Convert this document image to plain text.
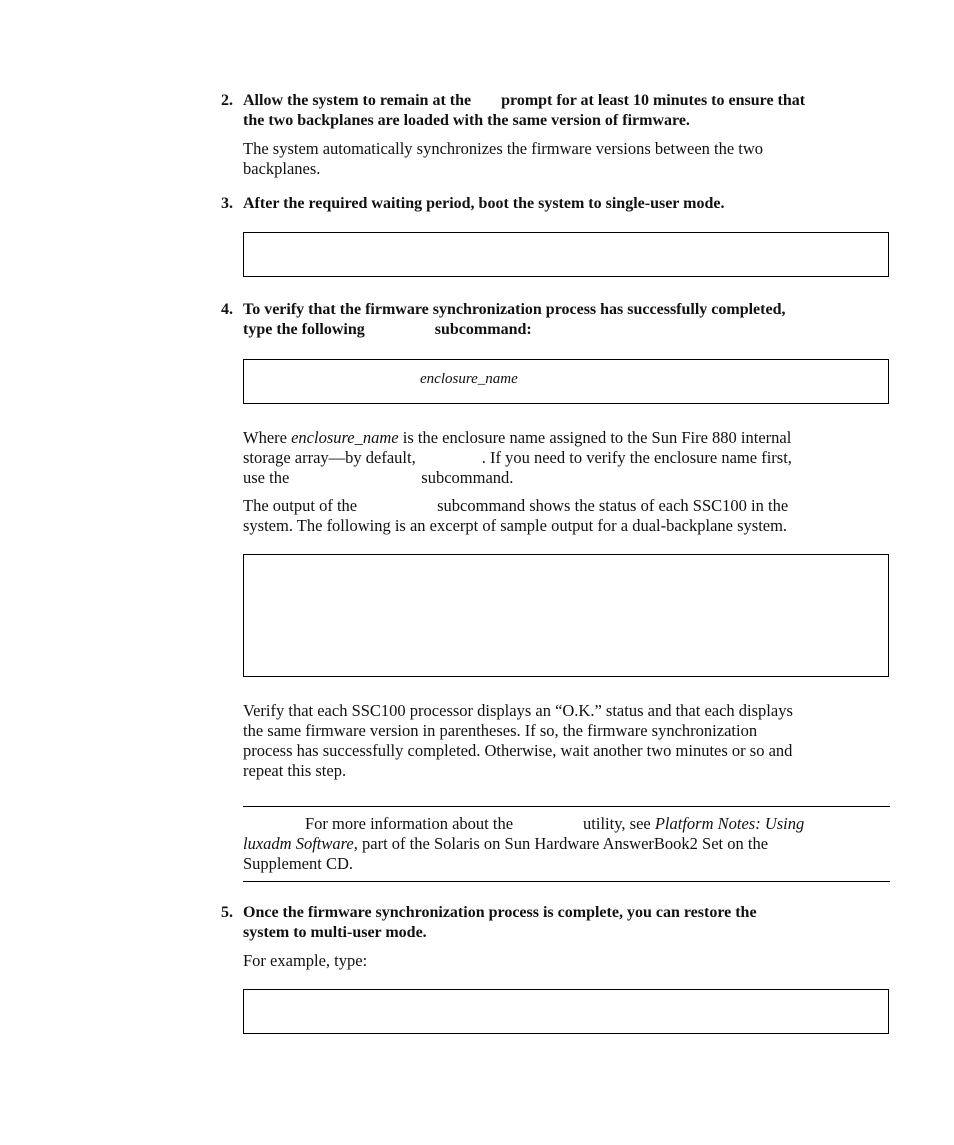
2. Allow the system to remain at the prompt for at least 10 minutes to ensure that
the two backplanes are loaded with the same version of firmware.
The system automatically synchronizes the firmware versions between the two
backplanes.
3. After the required waiting period, boot the system to single-user mode.
4. To verify that the firmware synchronization process has successfully completed,
type the following	subcommand:
enclosure_name
Where enclosure_name is the enclosure name assigned to the Sun Fire 880 internal
storage array—by default,	. If you need to verify the enclosure name first,
use the	subcommand.
The output of the	subcommand shows the status of each SSC100 in the
system. The following is an excerpt of sample output for a dual-backplane system.
Verify that each SSC100 processor displays an “O.K.” status and that each displays
the same firmware version in parentheses. If so, the firmware synchronization
process has successfully completed. Otherwise, wait another two minutes or so and
repeat this step.
For more information about the	utility, see Platform Notes: Using
luxadm Software, part of the Solaris on Sun Hardware AnswerBook2 Set on the
Supplement CD.
5. Once the firmware synchronization process is complete, you can restore the
system to multi-user mode.
For example, type:
